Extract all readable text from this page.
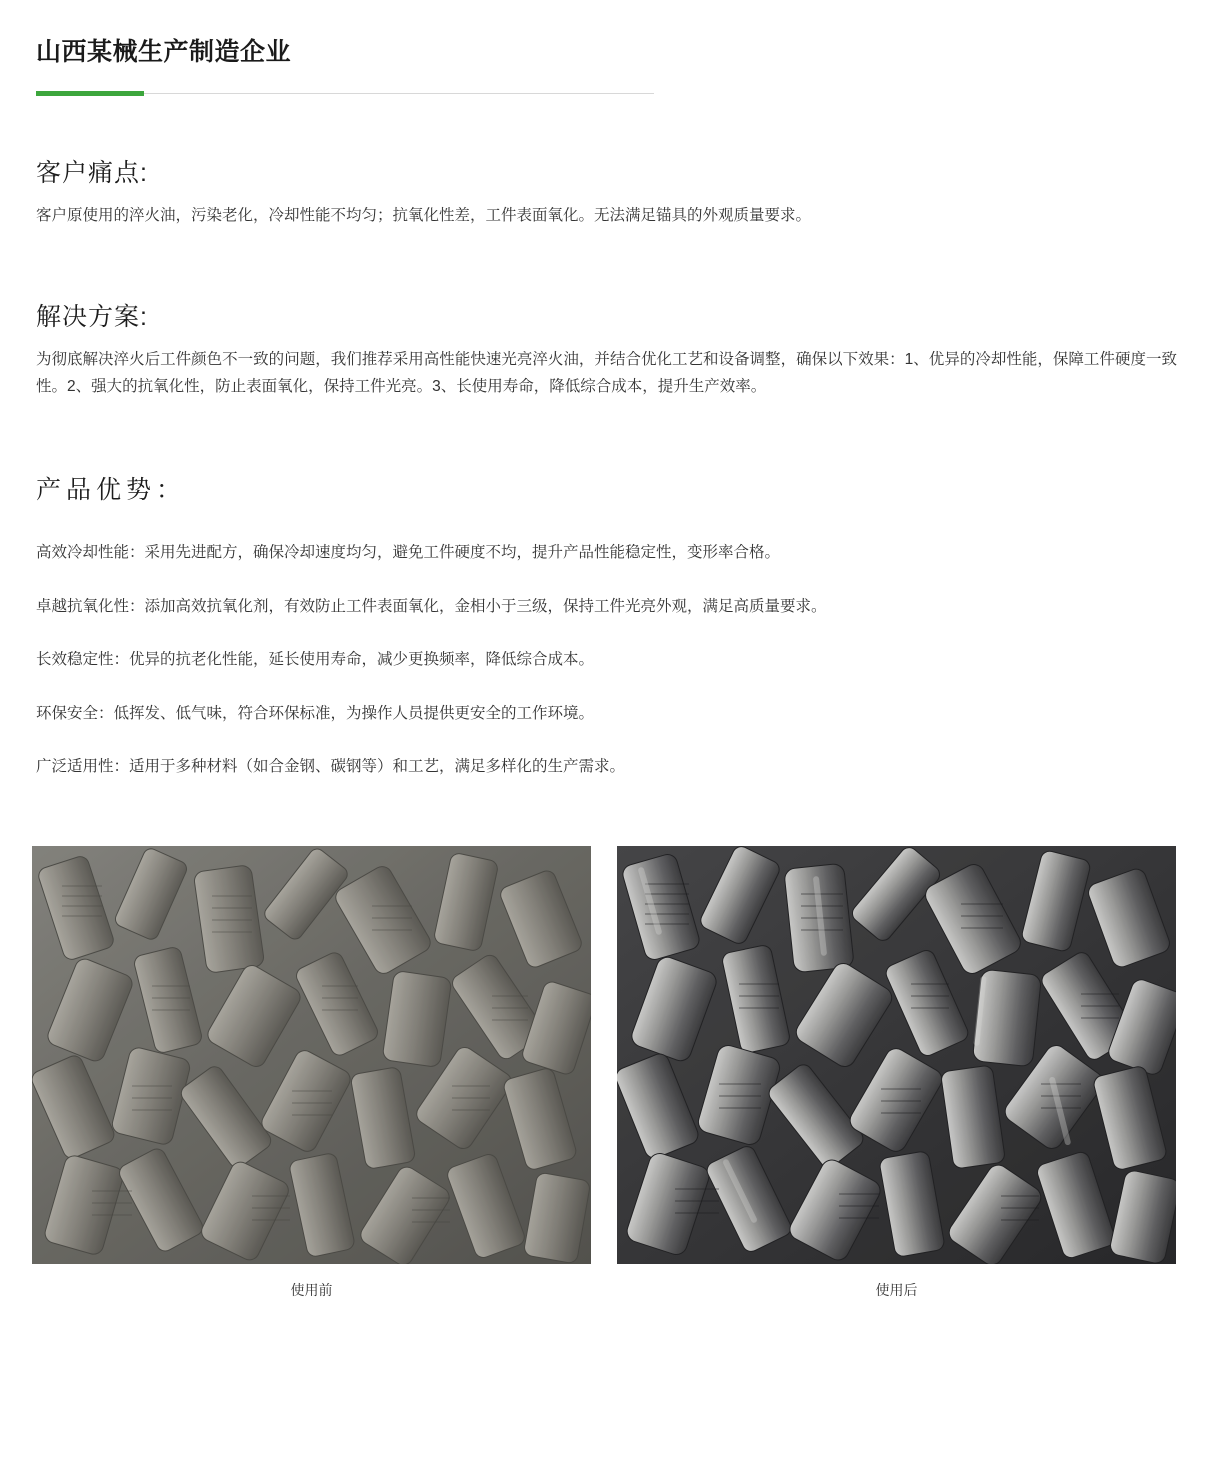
山西某械生产制造企业
客户痛点:

客户原使用的淬火油，污染老化，冷却性能不均匀；抗氧化性差，工件表面氧化。无法满足锚具的外观质量要求。

解决方案:

为彻底解决淬火后工件颜色不一致的问题，我们推荐采用高性能快速光亮淬火油，并结合优化工艺和设备调整，确保以下效果：1、优异的冷却性能，保障工件硬度一致性。2、强大的抗氧化性，防止表面氧化，保持工件光亮。3、长使用寿命，降低综合成本，提升生产效率。

产品优势：
高效冷却性能：采用先进配方，确保冷却速度均匀，避免工件硬度不均，提升产品性能稳定性，变形率合格。
卓越抗氧化性：添加高效抗氧化剂，有效防止工件表面氧化，金相小于三级，保持工件光亮外观，满足高质量要求。
长效稳定性：优异的抗老化性能，延长使用寿命，减少更换频率，降低综合成本。
环保安全：低挥发、低气味，符合环保标准，为操作人员提供更安全的工作环境。
广泛适用性：适用于多种材料（如合金钢、碳钢等）和工艺，满足多样化的生产需求。
使用前	使用后
